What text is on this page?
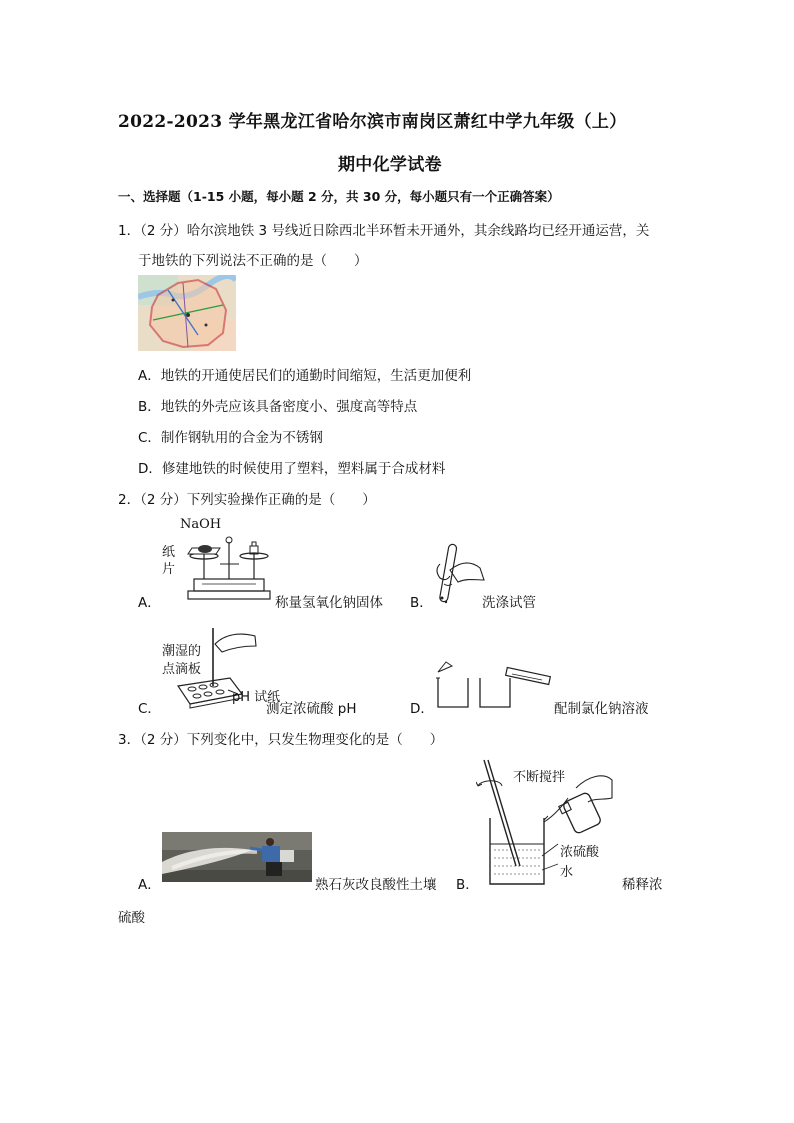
2022-2023 学年黑龙江省哈尔滨市南岗区萧红中学九年级（上）
期中化学试卷
一、选择题（1-15 小题，每小题 2 分，共 30 分，每小题只有一个正确答案）
1．（2 分）哈尔滨地铁 3 号线近日除西北半环暂未开通外，其余线路均已经开通运营，关
于地铁的下列说法不正确的是（　　）
A．地铁的开通使居民们的通勤时间缩短，生活更加便利
B．地铁的外壳应该具备密度小、强度高等特点
C．制作钢轨用的合金为不锈钢
D．修建地铁的时候使用了塑料，塑料属于合成材料
2．（2 分）下列实验操作正确的是（　　）
A．
NaOH
纸
片
称量氢氧化钠固体 B．	洗涤试管
C．
潮湿的
点滴板
pH 试纸
测定浓硫酸 pH	D．	配制氯化钠溶液
3．（2 分）下列变化中，只发生物理变化的是（　　）
A．	熟石灰改良酸性土壤 B．
不断搅拌
浓硫酸
水
稀释浓
硫酸
